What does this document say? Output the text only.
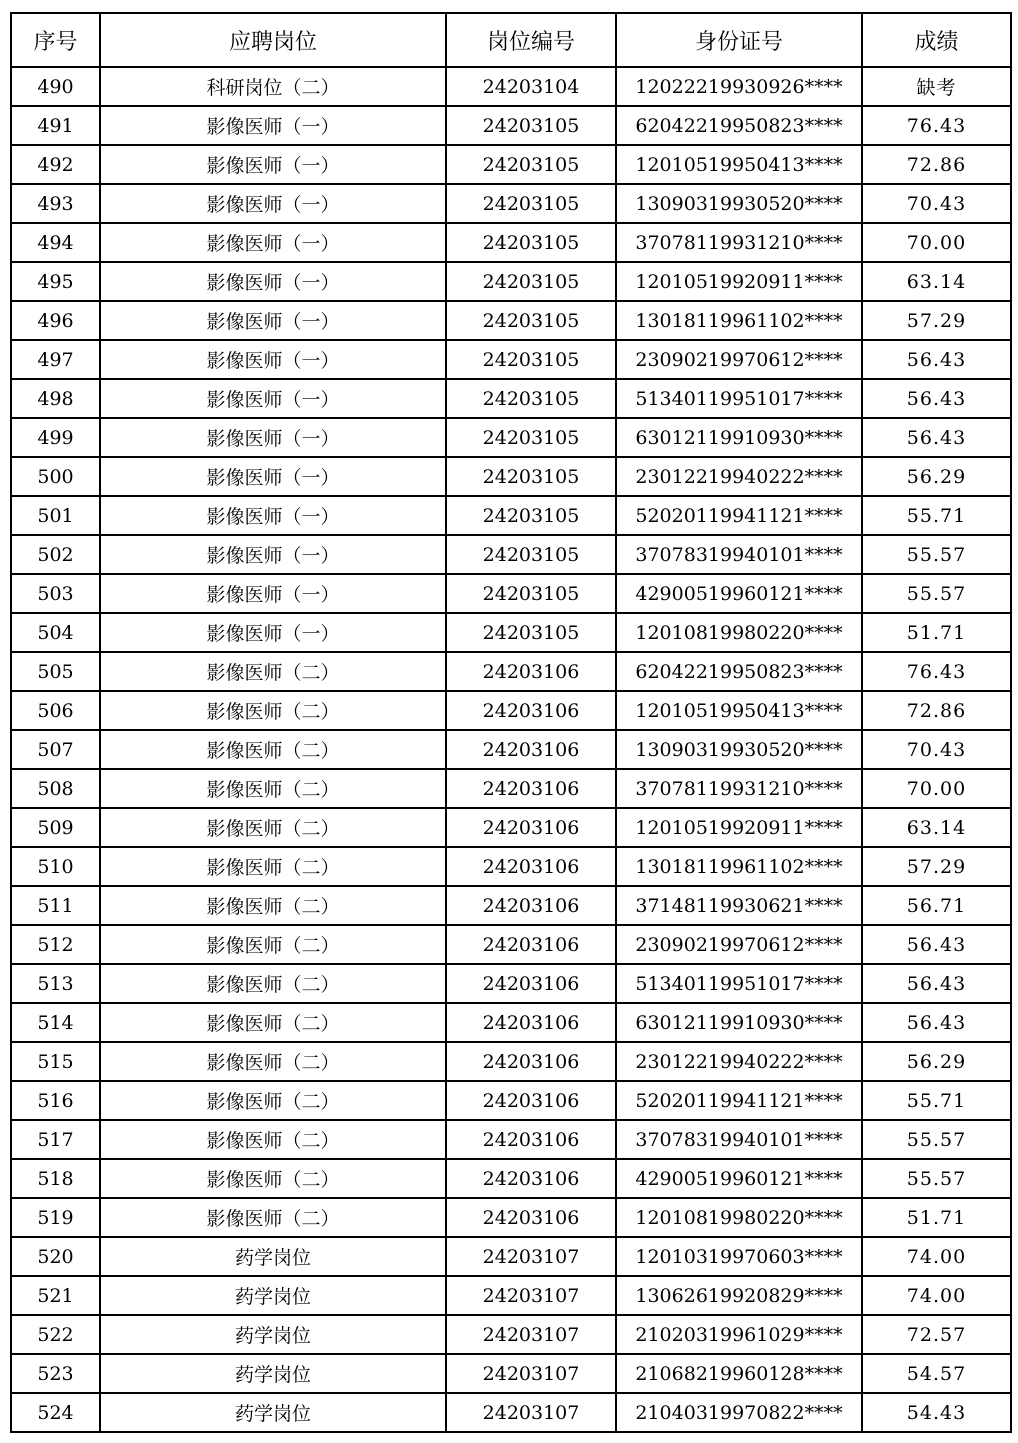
序号	应聘岗位	岗位编号	身份证号	成绩
490	科研岗位（二）	24203104	12022219930926****	缺考
491	影像医师（一）	24203105	62042219950823****	76.43
492	影像医师（一）	24203105	12010519950413****	72.86
493	影像医师（一）	24203105	13090319930520****	70.43
494	影像医师（一）	24203105	37078119931210****	70.00
495	影像医师（一）	24203105	12010519920911****	63.14
496	影像医师（一）	24203105	13018119961102****	57.29
497	影像医师（一）	24203105	23090219970612****	56.43
498	影像医师（一）	24203105	51340119951017****	56.43
499	影像医师（一）	24203105	63012119910930****	56.43
500	影像医师（一）	24203105	23012219940222****	56.29
501	影像医师（一）	24203105	52020119941121****	55.71
502	影像医师（一）	24203105	37078319940101****	55.57
503	影像医师（一）	24203105	42900519960121****	55.57
504	影像医师（一）	24203105	12010819980220****	51.71
505	影像医师（二）	24203106	62042219950823****	76.43
506	影像医师（二）	24203106	12010519950413****	72.86
507	影像医师（二）	24203106	13090319930520****	70.43
508	影像医师（二）	24203106	37078119931210****	70.00
509	影像医师（二）	24203106	12010519920911****	63.14
510	影像医师（二）	24203106	13018119961102****	57.29
511	影像医师（二）	24203106	37148119930621****	56.71
512	影像医师（二）	24203106	23090219970612****	56.43
513	影像医师（二）	24203106	51340119951017****	56.43
514	影像医师（二）	24203106	63012119910930****	56.43
515	影像医师（二）	24203106	23012219940222****	56.29
516	影像医师（二）	24203106	52020119941121****	55.71
517	影像医师（二）	24203106	37078319940101****	55.57
518	影像医师（二）	24203106	42900519960121****	55.57
519	影像医师（二）	24203106	12010819980220****	51.71
520	药学岗位	24203107	12010319970603****	74.00
521	药学岗位	24203107	13062619920829****	74.00
522	药学岗位	24203107	21020319961029****	72.57
523	药学岗位	24203107	21068219960128****	54.57
524	药学岗位	24203107	21040319970822****	54.43
